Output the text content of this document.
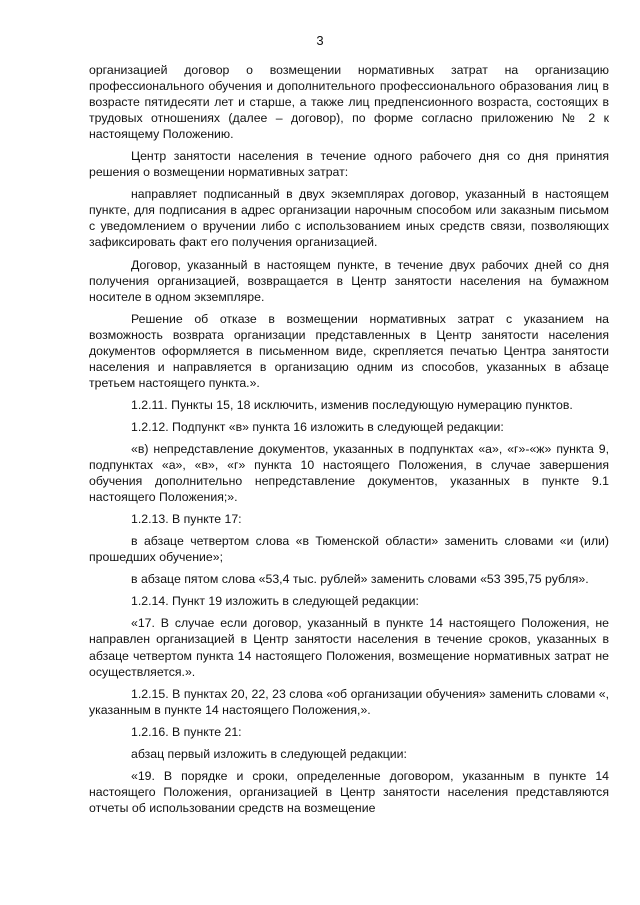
3

организацией договор о возмещении нормативных затрат на организацию профессионального обучения и дополнительного профессионального образования лиц в возрасте пятидесяти лет и старше, а также лиц предпенсионного возраста, состоящих в трудовых отношениях (далее – договор), по форме согласно приложению № 2 к настоящему Положению.

Центр занятости населения в течение одного рабочего дня со дня принятия решения о возмещении нормативных затрат:

направляет подписанный в двух экземплярах договор, указанный в настоящем пункте, для подписания в адрес организации нарочным способом или заказным письмом с уведомлением о вручении либо с использованием иных средств связи, позволяющих зафиксировать факт его получения организацией.

Договор, указанный в настоящем пункте, в течение двух рабочих дней со дня получения организацией, возвращается в Центр занятости населения на бумажном носителе в одном экземпляре.

Решение об отказе в возмещении нормативных затрат с указанием на возможность возврата организации представленных в Центр занятости населения документов оформляется в письменном виде, скрепляется печатью Центра занятости населения и направляется в организацию одним из способов, указанных в абзаце третьем настоящего пункта.».

1.2.11. Пункты 15, 18 исключить, изменив последующую нумерацию пунктов.

1.2.12. Подпункт «в» пункта 16 изложить в следующей редакции:

«в) непредставление документов, указанных в подпунктах «а», «г»-«ж» пункта 9, подпунктах «а», «в», «г» пункта 10 настоящего Положения, в случае завершения обучения дополнительно непредставление документов, указанных в пункте 9.1 настоящего Положения;».

1.2.13. В пункте 17:

в абзаце четвертом слова «в Тюменской области» заменить словами «и (или) прошедших обучение»;

в абзаце пятом слова «53,4 тыс. рублей» заменить словами «53 395,75 рубля».

1.2.14. Пункт 19 изложить в следующей редакции:

«17. В случае если договор, указанный в пункте 14 настоящего Положения, не направлен организацией в Центр занятости населения в течение сроков, указанных в абзаце четвертом пункта 14 настоящего Положения, возмещение нормативных затрат не осуществляется.».

1.2.15. В пунктах 20, 22, 23 слова «об организации обучения» заменить словами «, указанным в пункте 14 настоящего Положения,».

1.2.16. В пункте 21:

абзац первый изложить в следующей редакции:

«19. В порядке и сроки, определенные договором, указанным в пункте 14 настоящего Положения, организацией в Центр занятости населения представляются отчеты об использовании средств на возмещение
